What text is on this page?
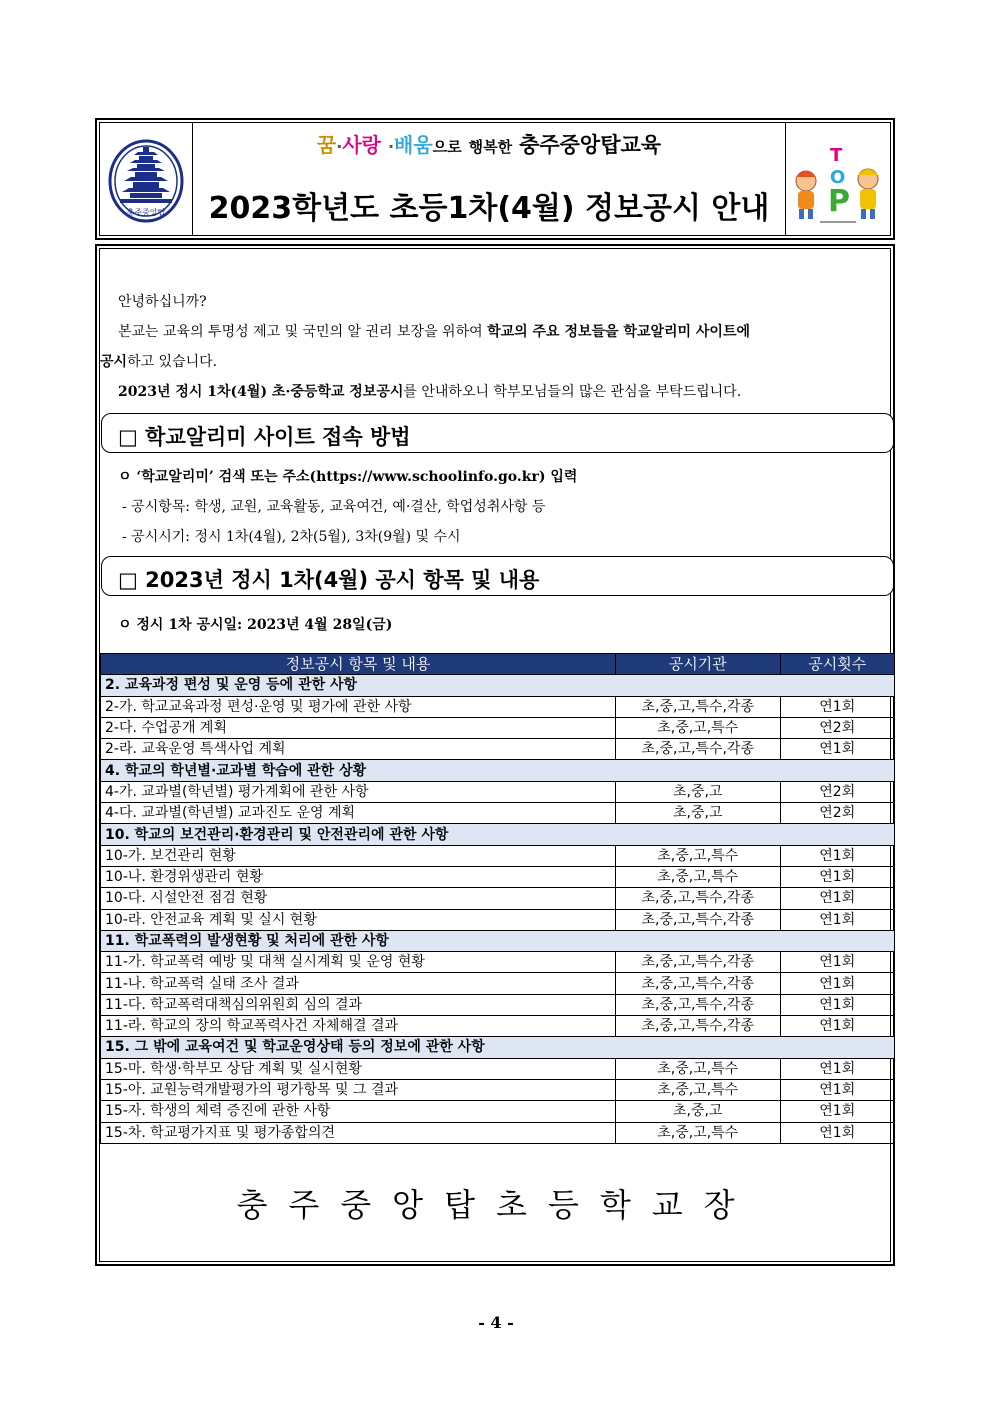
충주중앙탑
꿈·사랑 ·배움으로 행복한 충주중앙탑교육
2023학년도 초등1차(4월) 정보공시 안내
T
O
P
안녕하십니까?
본교는 교육의 투명성 제고 및 국민의 알 권리 보장을 위하여 학교의 주요 정보들을 학교알리미 사이트에
공시하고 있습니다.
2023년 정시 1차(4월) 초·중등학교 정보공시를 안내하오니 학부모님들의 많은 관심을 부탁드립니다.
□ 학교알리미 사이트 접속 방법
ㅇ ‘학교알리미’ 검색 또는 주소(https://www.schoolinfo.go.kr) 입력
- 공시항목: 학생, 교원, 교육활동, 교육여건, 예·결산, 학업성취사항 등
- 공시시기: 정시 1차(4월), 2차(5월), 3차(9월) 및 수시
□ 2023년 정시 1차(4월) 공시 항목 및 내용
ㅇ 정시 1차 공시일: 2023년 4월 28일(금)
정보공시 항목 및 내용	공시기관	공시횟수
2. 교육과정 편성 및 운영 등에 관한 사항		
2-가. 학교교육과정 편성·운영 및 평가에 관한 사항	초,중,고,특수,각종	연1회
2-다. 수업공개 계획	초,중,고,특수	연2회
2-라. 교육운영 특색사업 계획	초,중,고,특수,각종	연1회
4. 학교의 학년별·교과별 학습에 관한 상황		
4-가. 교과별(학년별) 평가계획에 관한 사항	초,중,고	연2회
4-다. 교과별(학년별) 교과진도 운영 계획	초,중,고	연2회
10. 학교의 보건관리·환경관리 및 안전관리에 관한 사항		
10-가. 보건관리 현황	초,중,고,특수	연1회
10-나. 환경위생관리 현황	초,중,고,특수	연1회
10-다. 시설안전 점검 현황	초,중,고,특수,각종	연1회
10-라. 안전교육 계획 및 실시 현황	초,중,고,특수,각종	연1회
11. 학교폭력의 발생현황 및 처리에 관한 사항		
11-가. 학교폭력 예방 및 대책 실시계획 및 운영 현황	초,중,고,특수,각종	연1회
11-나. 학교폭력 실태 조사 결과	초,중,고,특수,각종	연1회
11-다. 학교폭력대책심의위원회 심의 결과	초,중,고,특수,각종	연1회
11-라. 학교의 장의 학교폭력사건 자체해결 결과	초,중,고,특수,각종	연1회
15. 그 밖에 교육여건 및 학교운영상태 등의 정보에 관한 사항		
15-마. 학생·학부모 상담 계획 및 실시현황	초,중,고,특수	연1회
15-아. 교원능력개발평가의 평가항목 및 그 결과	초,중,고,특수	연1회
15-자. 학생의 체력 증진에 관한 사항	초,중,고	연1회
15-차. 학교평가지표 및 평가종합의견	초,중,고,특수	연1회
충주중앙탑초등학교장
- 4 -
